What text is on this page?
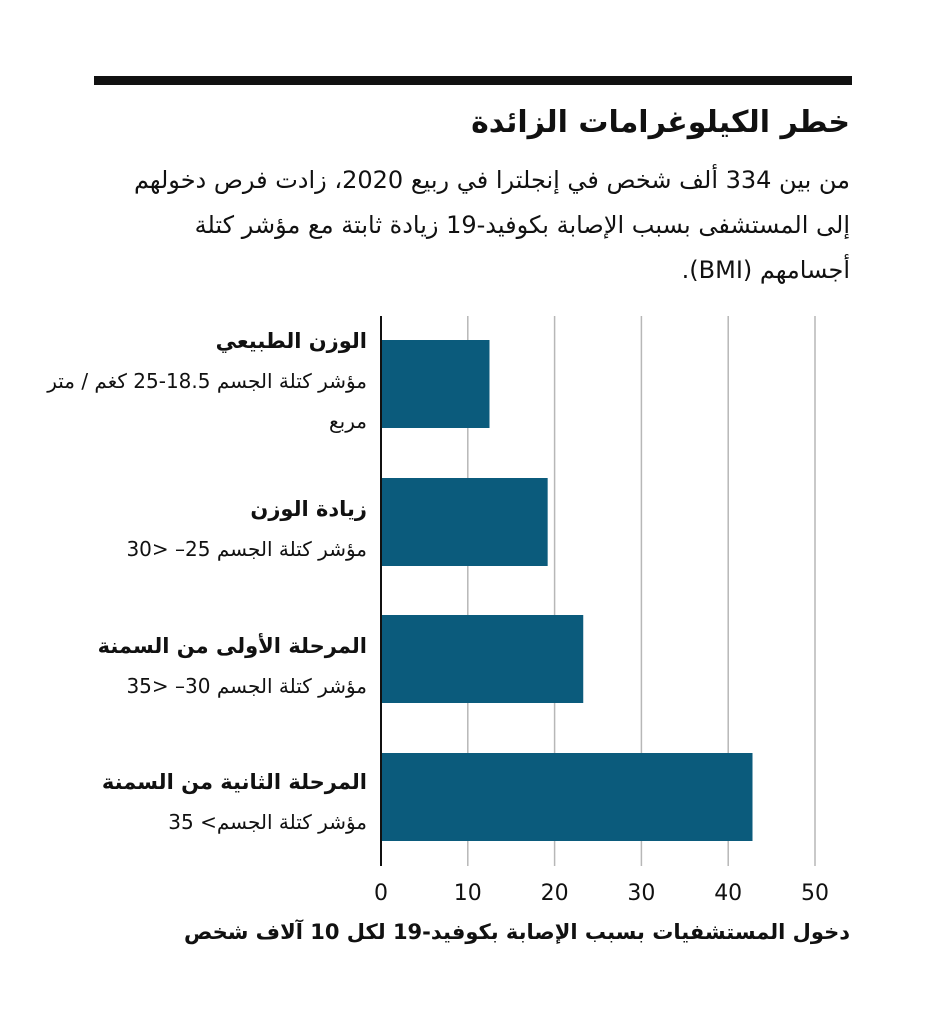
خطر الكيلوغرامات الزائدة

من بين 334 ألف شخص في إنجلترا في ربيع 2020، زادت فرص دخولهم إلى المستشفى بسبب الإصابة بكوفيد-19 زيادة ثابتة مع مؤشر كتلة أجسامهم (BMI).

الوزن الطبيعي
مؤشر كتلة الجسم 18.5-25 كغم / متر مربع
زيادة الوزن
مؤشر كتلة الجسم 25– <30
المرحلة الأولى من السمنة
مؤشر كتلة الجسم 30– <35
المرحلة الثانية من السمنة
مؤشر كتلة الجسم> 35
0	10	20	30	40	50

دخول المستشفيات بسبب الإصابة بكوفيد-19 لكل 10 آلاف شخص
